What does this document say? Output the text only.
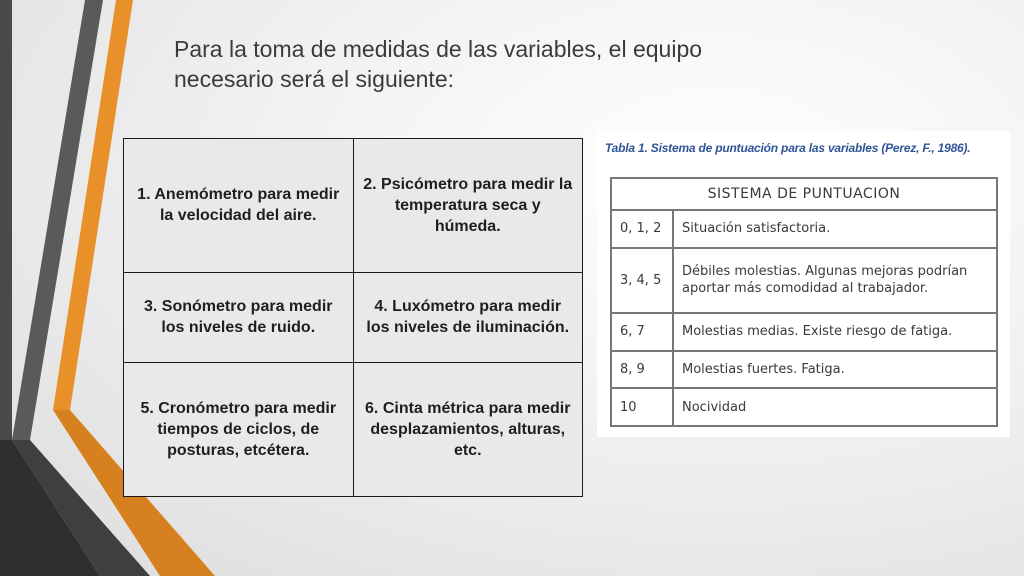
Para la toma de medidas de las variables, el equipo
necesario será el siguiente:
1. Anemómetro para medir la velocidad del aire.	2. Psicómetro para medir la temperatura seca y húmeda.
3. Sonómetro para medir los niveles de ruido.	4. Luxómetro para medir los niveles de iluminación.
5. Cronómetro para medir tiempos de ciclos, de posturas, etcétera.	6. Cinta métrica para medir desplazamientos, alturas, etc.
Tabla 1. Sistema de puntuación para las variables (Perez, F., 1986).
SISTEMA DE PUNTUACION	
0, 1, 2	Situación satisfactoria.
3, 4, 5	Débiles molestias. Algunas mejoras podrían aportar más comodidad al trabajador.
6, 7	Molestias medias. Existe riesgo de fatiga.
8, 9	Molestias fuertes. Fatiga.
10	Nocividad
